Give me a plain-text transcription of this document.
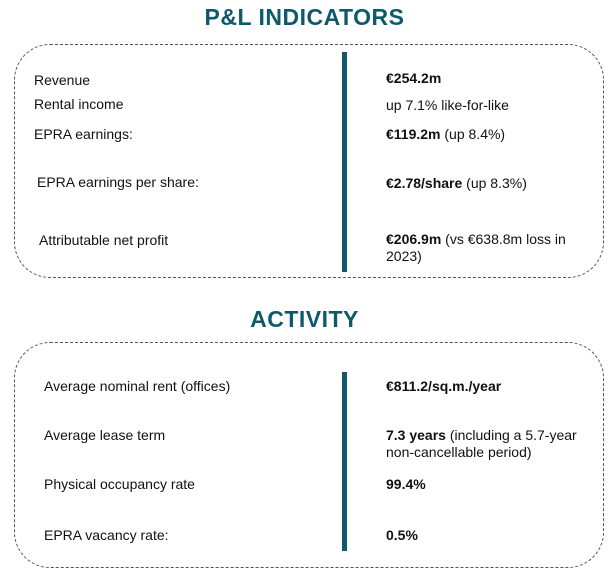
P&L INDICATORS
Revenue	€254.2m
Rental income	up 7.1% like-for-like
EPRA earnings:	€119.2m (up 8.4%)
EPRA earnings per share:	€2.78/share (up 8.3%)
Attributable net profit	€206.9m (vs €638.8m loss in 2023)
ACTIVITY
Average nominal rent (offices)	€811.2/sq.m./year
Average lease term	7.3 years (including a 5.7-year non-cancellable period)
Physical occupancy rate	99.4%
EPRA vacancy rate:	0.5%
